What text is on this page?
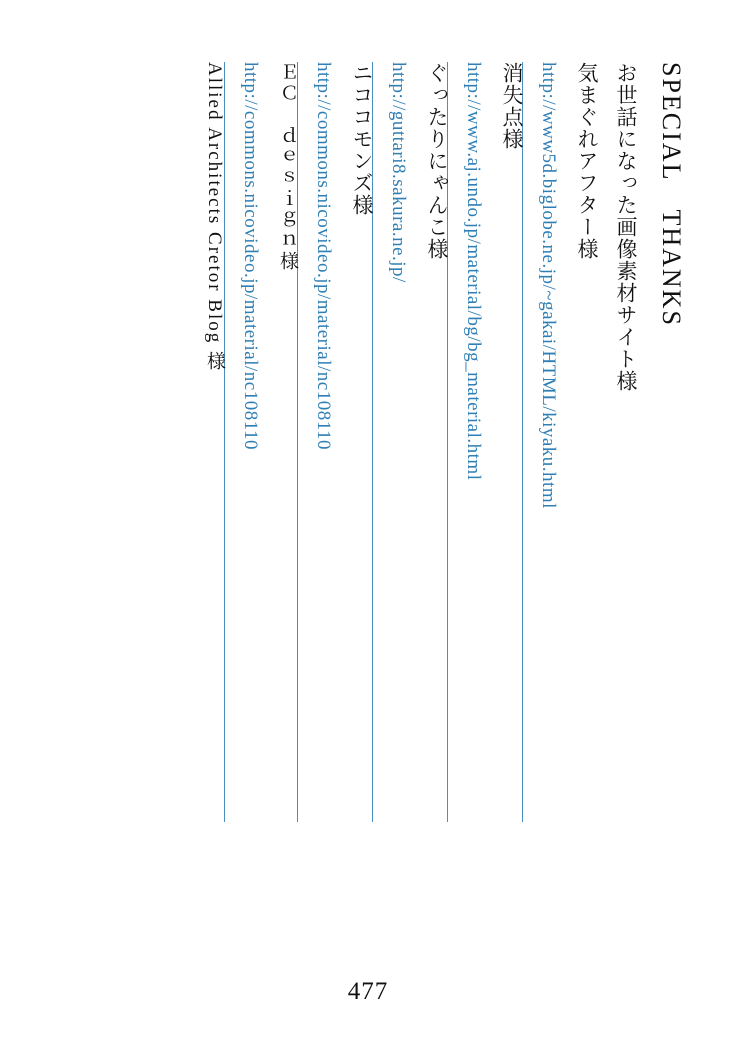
SPECIAL　THANKS
お世話になった画像素材サイト様
気まぐれアフター様
http://www5d.biglobe.ne.jp/~gakai/HTML/kiyaku.html
消失点様
http://www.aj.undo.jp/material/bg/bg_material.html
ぐったりにゃんこ様
http://guttari8.sakura.ne.jp/
ニココモンズ様
http://commons.nicovideo.jp/material/nc108110
ＥＣ　ｄｅｓｉｇｎ様
http://commons.nicovideo.jp/material/nc108110
Allied Architects Cretor Blog 様
477
